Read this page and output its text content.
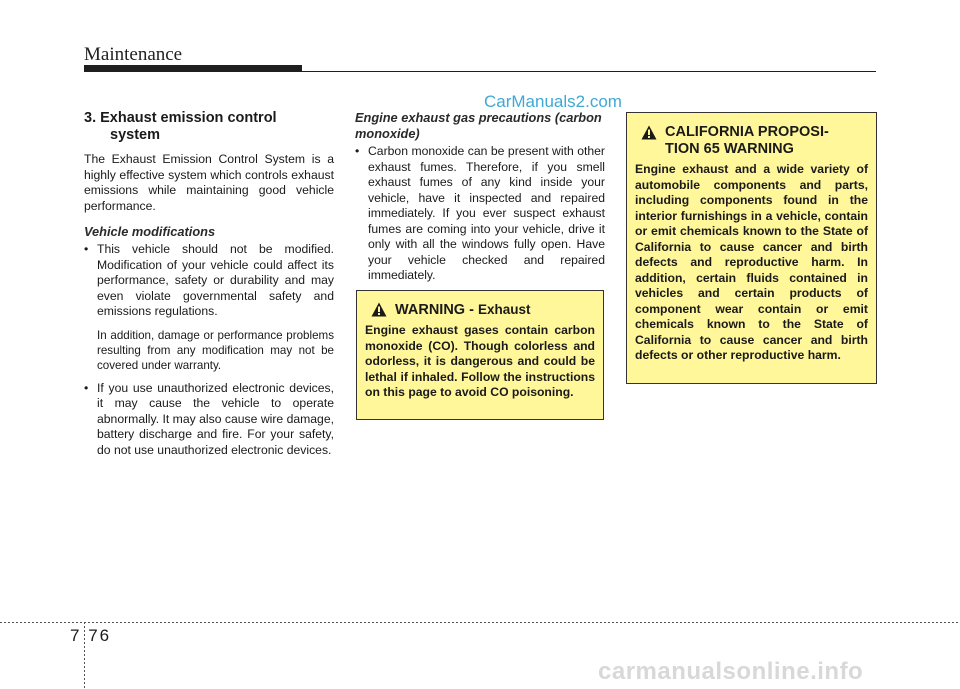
Maintenance
CarManuals2.com

3. Exhaust emission control
system

The Exhaust Emission Control System is a highly effective system which controls exhaust emissions while maintaining good vehicle performance.

Vehicle modifications

• This vehicle should not be modified. Modification of your vehicle could affect its performance, safety or durability and may even violate governmental safety and emissions regulations.

In addition, damage or performance problems resulting from any modification may not be covered under warranty.

• If you use unauthorized electronic devices, it may cause the vehicle to operate abnormally. It may also cause wire damage, battery discharge and fire. For your safety, do not use unauthorized electronic devices.

Engine exhaust gas precautions (carbon monoxide)

• Carbon monoxide can be present with other exhaust fumes. Therefore, if you smell exhaust fumes of any kind inside your vehicle, have it inspected and repaired immediately. If you ever suspect exhaust fumes are coming into your vehicle, drive it only with all the windows fully open. Have your vehicle checked and repaired immediately.

WARNING - Exhaust

Engine exhaust gases contain carbon monoxide (CO). Though colorless and odorless, it is dangerous and could be lethal if inhaled. Follow the instructions on this page to avoid CO poisoning.

CALIFORNIA PROPOSI-
TION 65 WARNING

Engine exhaust and a wide variety of automobile components and parts, including components found in the interior furnishings in a vehicle, contain or emit chemicals known to the State of California to cause cancer and birth defects and reproductive harm. In addition, certain fluids contained in vehicles and certain products of component wear contain or emit chemicals known to the State of California to cause cancer and birth defects or other reproductive harm.

7 76
carmanualsonline.info
